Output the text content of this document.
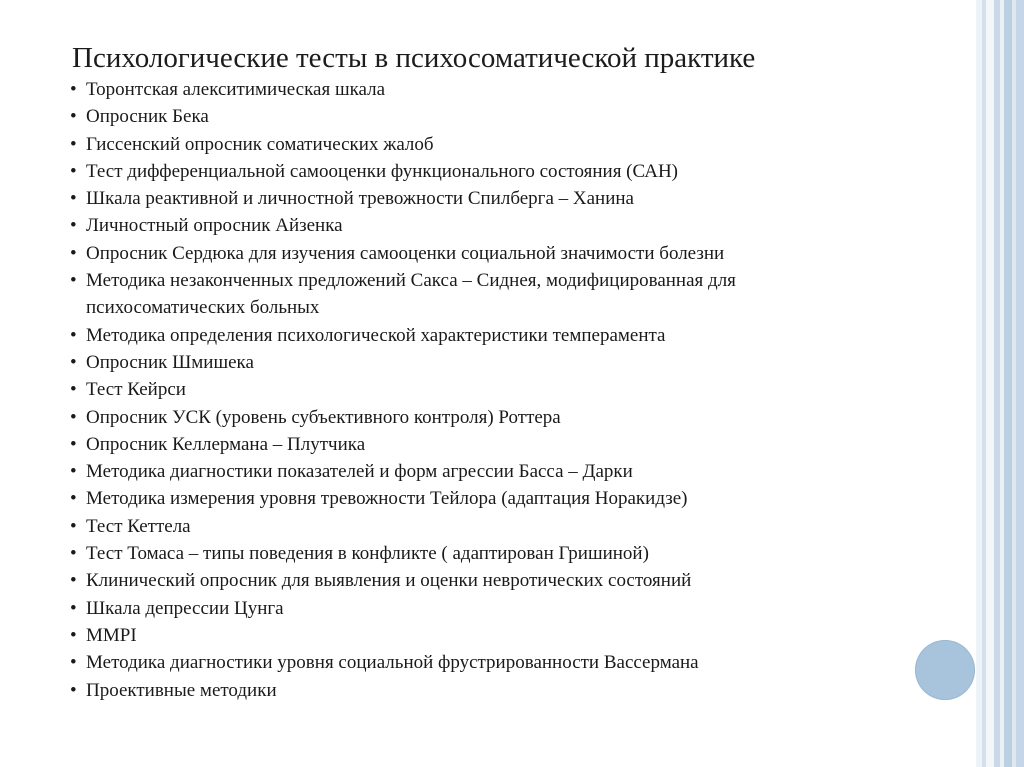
Психологические тесты в психосоматической практике
• Торонтская алекситимическая шкала
• Опросник Бека
• Гиссенский опросник соматических жалоб
• Тест дифференциальной самооценки функционального состояния (САН)
• Шкала реактивной и личностной тревожности Спилберга – Ханина
• Личностный опросник Айзенка
• Опросник Сердюка для изучения самооценки социальной значимости болезни
• Методика незаконченных предложений Сакса – Сиднея, модифицированная для психосоматических больных
• Методика определения психологической характеристики темперамента
• Опросник Шмишека
• Тест Кейрси
• Опросник УСК (уровень субъективного контроля) Роттера
• Опросник Келлермана – Плутчика
• Методика диагностики показателей и форм агрессии Басса – Дарки
• Методика измерения уровня тревожности Тейлора (адаптация Норакидзе)
• Тест Кеттела
• Тест Томаса – типы поведения в конфликте ( адаптирован Гришиной)
• Клинический опросник для выявления и оценки невротических состояний
• Шкала депрессии Цунга
• MMPI
• Методика диагностики уровня социальной фрустрированности Вассермана
• Проективные методики
